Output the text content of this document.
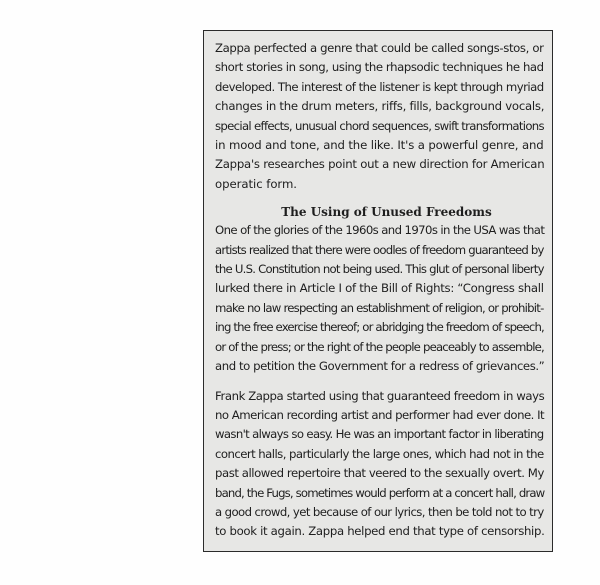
Zappa perfected a genre that could be called songs-stos, or
short stories in song, using the rhapsodic techniques he had
developed. The interest of the listener is kept through myriad
changes in the drum meters, riffs, fills, background vocals,
special effects, unusual chord sequences, swift transformations
in mood and tone, and the like. It's a powerful genre, and
Zappa's researches point out a new direction for American
operatic form.

The Using of Unused Freedoms

One of the glories of the 1960s and 1970s in the USA was that
artists realized that there were oodles of freedom guaranteed by
the U.S. Constitution not being used. This glut of personal liberty
lurked there in Article I of the Bill of Rights: “Congress shall
make no law respecting an establishment of religion, or prohibit-
ing the free exercise thereof; or abridging the freedom of speech,
or of the press; or the right of the people peaceably to assemble,
and to petition the Government for a redress of grievances.”

Frank Zappa started using that guaranteed freedom in ways
no American recording artist and performer had ever done. It
wasn't always so easy. He was an important factor in liberating
concert halls, particularly the large ones, which had not in the
past allowed repertoire that veered to the sexually overt. My
band, the Fugs, sometimes would perform at a concert hall, draw
a good crowd, yet because of our lyrics, then be told not to try
to book it again. Zappa helped end that type of censorship.
